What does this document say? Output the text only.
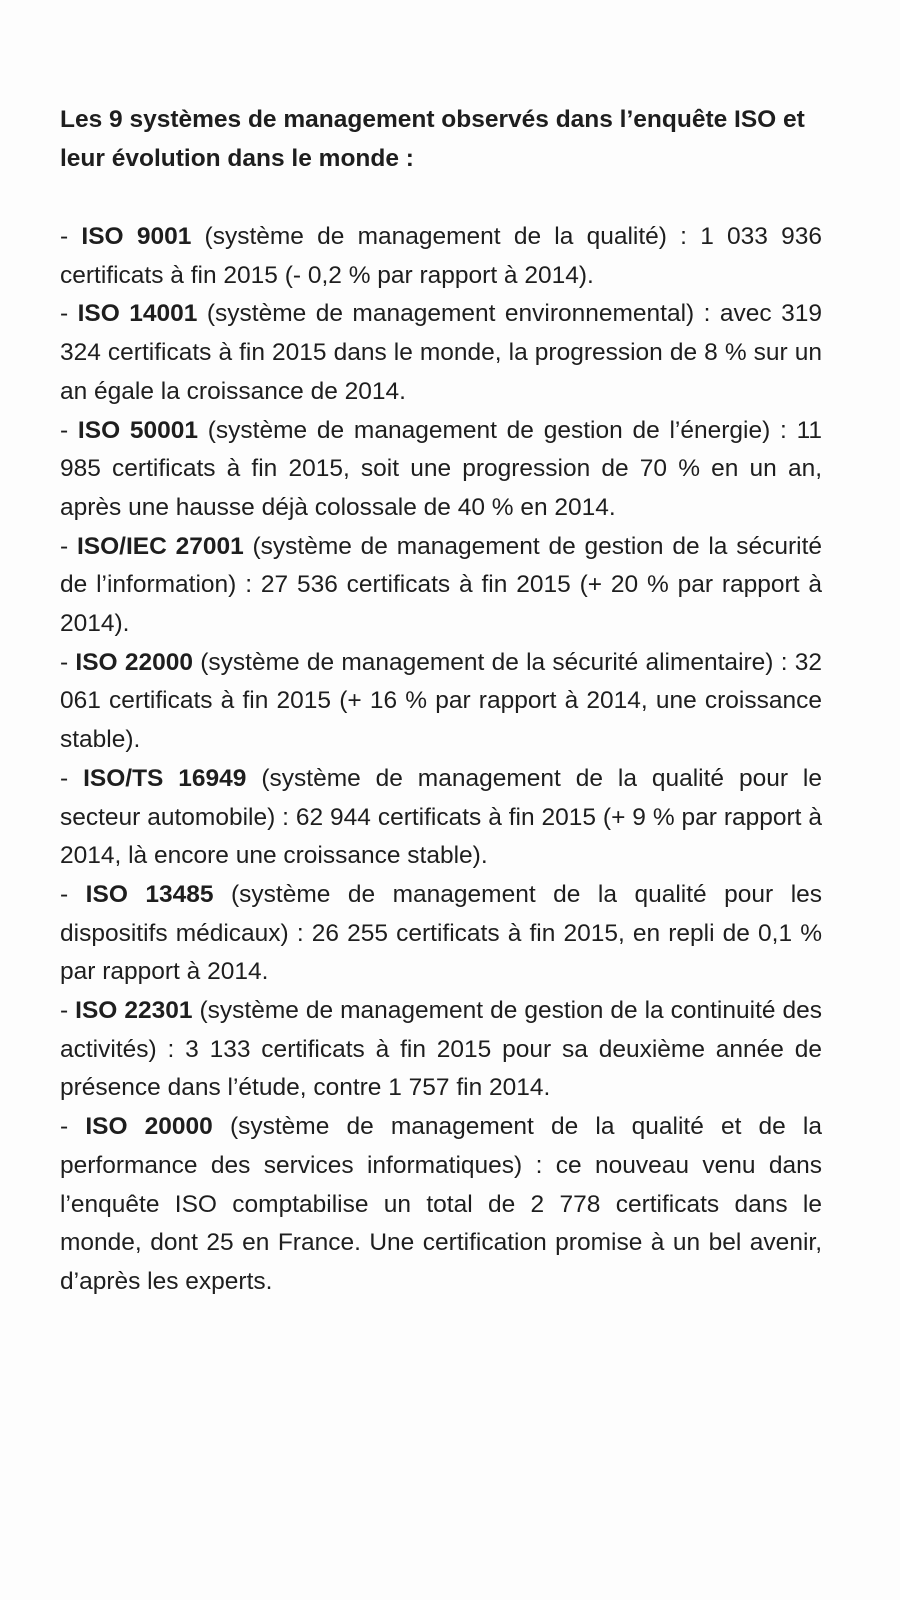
Les 9 systèmes de management observés dans l’enquête ISO et leur évolution dans le monde :
- ISO 9001 (système de management de la qualité) : 1 033 936 certificats à fin 2015 (- 0,2 % par rapport à 2014).
- ISO 14001 (système de management environnemental) : avec 319 324 certificats à fin 2015 dans le monde, la progression de 8 % sur un an égale la croissance de 2014.
- ISO 50001 (système de management de gestion de l’énergie) : 11 985 certificats à fin 2015, soit une progression de 70 % en un an, après une hausse déjà colossale de 40 % en 2014.
- ISO/IEC 27001 (système de management de gestion de la sécurité de l’information) : 27 536 certificats à fin 2015 (+ 20 % par rapport à 2014).
- ISO 22000 (système de management de la sécurité alimentaire) : 32 061 certificats à fin 2015 (+ 16 % par rapport à 2014, une croissance stable).
- ISO/TS 16949 (système de management de la qualité pour le secteur automobile) : 62 944 certificats à fin 2015 (+ 9 % par rapport à 2014, là encore une croissance stable).
- ISO 13485 (système de management de la qualité pour les dispositifs médicaux) : 26 255 certificats à fin 2015, en repli de 0,1 % par rapport à 2014.
- ISO 22301 (système de management de gestion de la continuité des activités) : 3 133 certificats à fin 2015 pour sa deuxième année de présence dans l’étude, contre 1 757 fin 2014.
- ISO 20000 (système de management de la qualité et de la performance des services informatiques) : ce nouveau venu dans l’enquête ISO comptabilise un total de 2 778 certificats dans le monde, dont 25 en France. Une certification promise à un bel avenir, d’après les experts.
